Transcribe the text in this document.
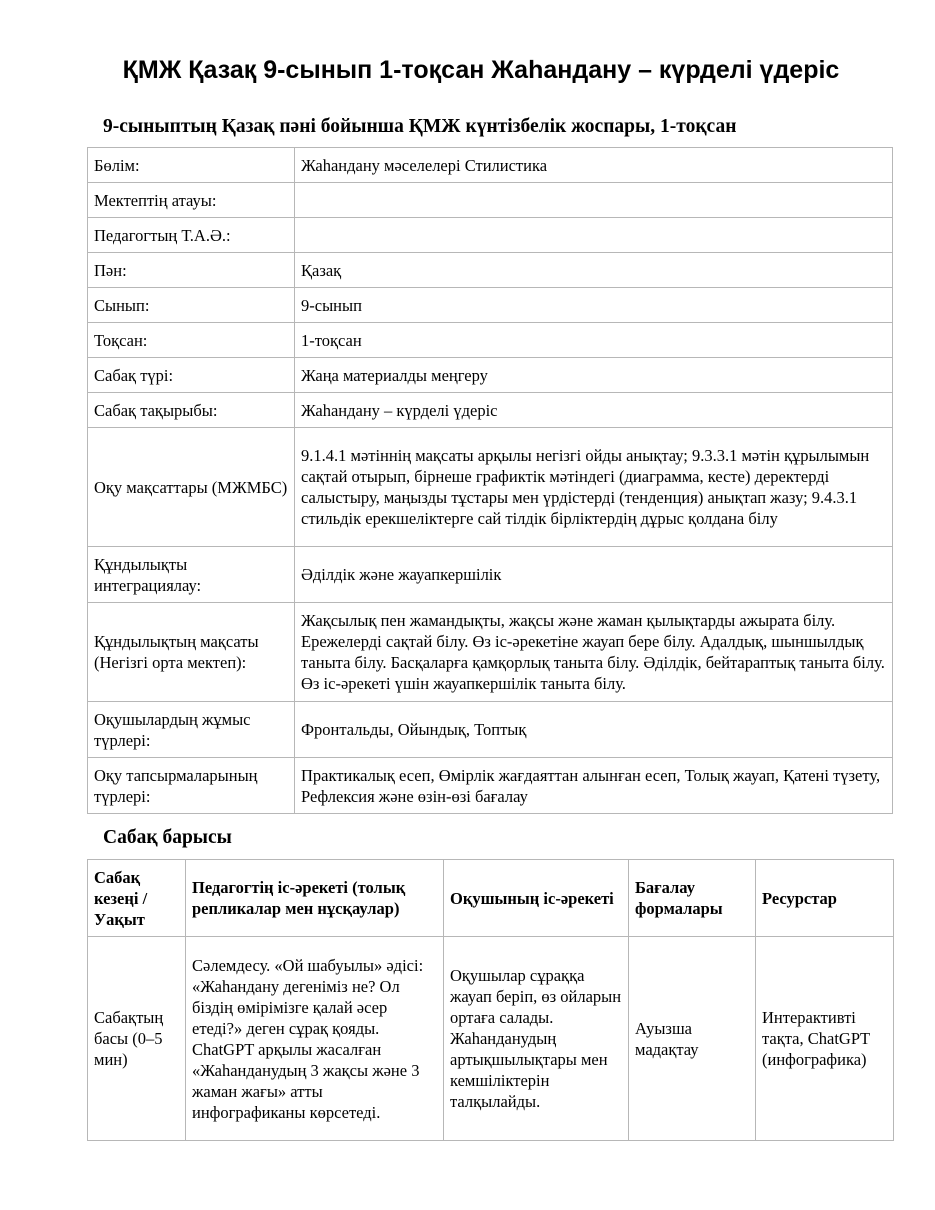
ҚМЖ Қазақ 9-сынып 1-тоқсан Жаһандану – күрделі үдеріс
9-сыныптың Қазақ пәні бойынша ҚМЖ күнтізбелік жоспары, 1-тоқсан
Бөлім:	Жаһандану мәселелері Стилистика
Мектептің атауы:	
Педагогтың Т.А.Ә.:	
Пән:	Қазақ
Сынып:	9-сынып
Тоқсан:	1-тоқсан
Сабақ түрі:	Жаңа материалды меңгеру
Сабақ тақырыбы:	Жаһандану – күрделі үдеріс
Оқу мақсаттары (МЖМБС)	9.1.4.1 мәтіннің мақсаты арқылы негізгі ойды анықтау; 9.3.3.1 мәтін құрылымын сақтай отырып, бірнеше графиктік мәтіндегі (диаграмма, кесте) деректерді салыстыру, маңызды тұстары мен үрдістерді (тенденция) анықтап жазу; 9.4.3.1 стильдік ерекшеліктерге сай тілдік бірліктердің дұрыс қолдана білу
Құндылықты интеграциялау:	Әділдік және жауапкершілік
Құндылықтың мақсаты (Негізгі орта мектеп):	Жақсылық пен жамандықты, жақсы және жаман қылықтарды ажырата білу. Ережелерді сақтай білу. Өз іс-әрекетіне жауап бере білу. Адалдық, шыншылдық таныта білу. Басқаларға қамқорлық таныта білу. Әділдік, бейтараптық таныта білу. Өз іс-әрекеті үшін жауапкершілік таныта білу.
Оқушылардың жұмыс түрлері:	Фронтальды, Ойындық, Топтық
Оқу тапсырмаларының түрлері:	Практикалық есеп, Өмірлік жағдаяттан алынған есеп, Толық жауап, Қатені түзету, Рефлексия және өзін-өзі бағалау
Сабақ барысы
Сабақ кезеңі / Уақыт	Педагогтің іс-әрекеті (толық репликалар мен нұсқаулар)	Оқушының іс-әрекеті	Бағалау формалары	Ресурстар
Сабақтың басы (0–5 мин)	Сәлемдесу. «Ой шабуылы» әдісі: «Жаһандану дегеніміз не? Ол біздің өмірімізге қалай әсер етеді?» деген сұрақ қояды. ChatGPT арқылы жасалған «Жаһанданудың 3 жақсы және 3 жаман жағы» атты инфографиканы көрсетеді.	Оқушылар сұраққа жауап беріп, өз ойларын ортаға салады. Жаһанданудың артықшылықтары мен кемшіліктерін талқылайды.	Ауызша мадақтау	Интерактивті тақта, ChatGPT (инфографика)
